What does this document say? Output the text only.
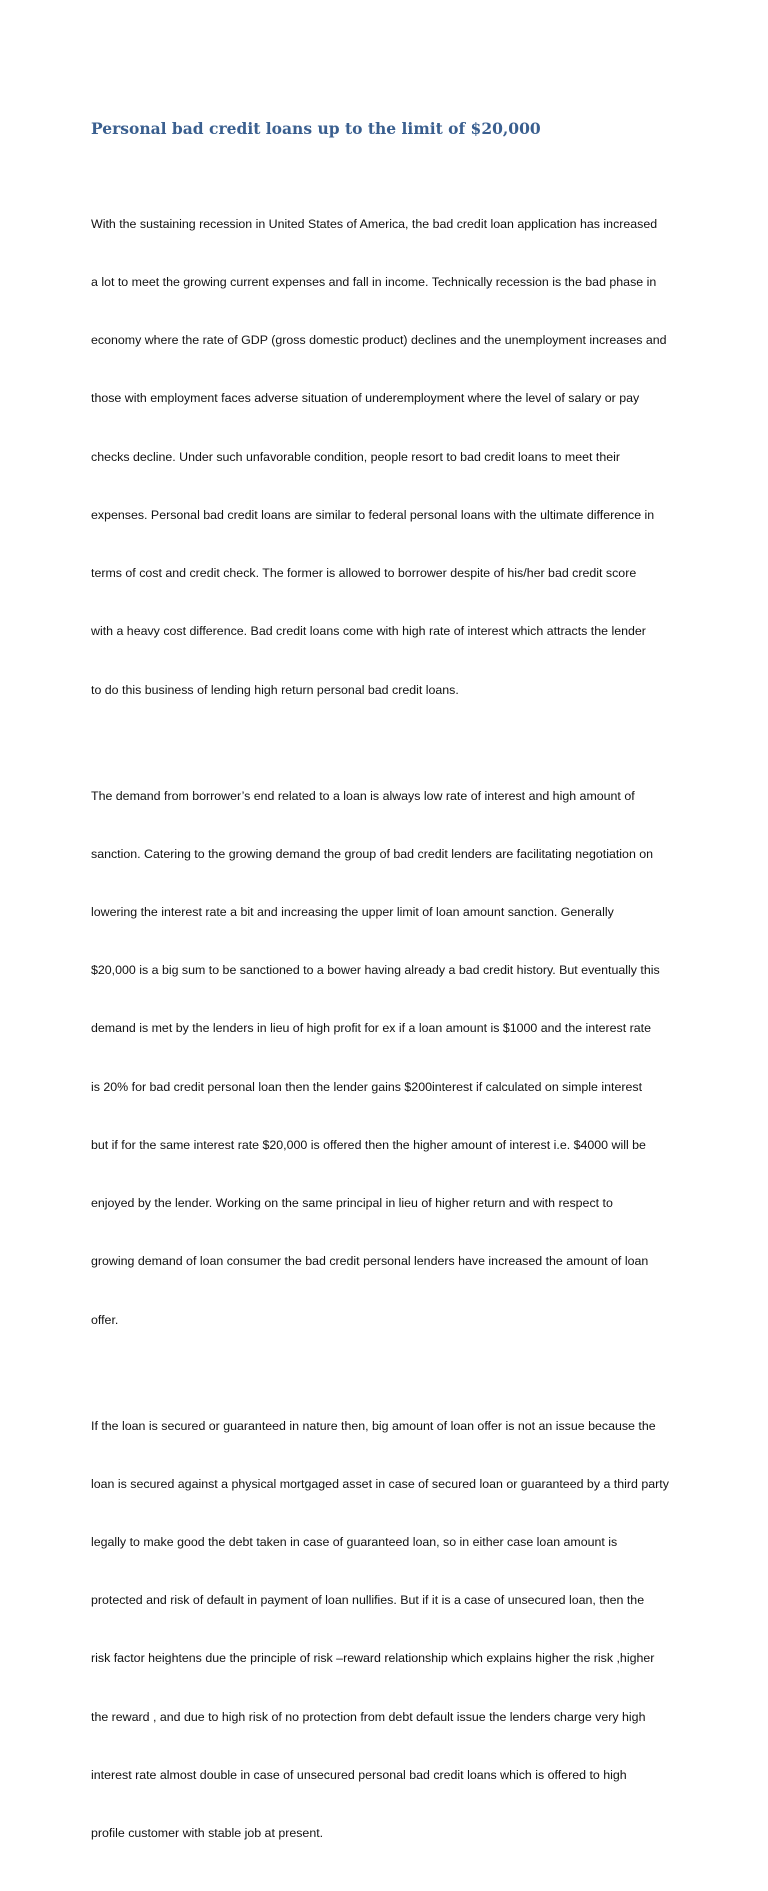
Personal bad credit loans up to the limit of $20,000

With the sustaining recession in United States of America, the bad credit loan application has increased

a lot to meet the growing current expenses and fall in income. Technically recession is the bad phase in

economy where the rate of GDP (gross domestic product) declines and the unemployment increases and

those with employment faces adverse situation of underemployment where the level of salary or pay

checks decline. Under such unfavorable condition, people resort to bad credit loans to meet their

expenses. Personal bad credit loans are similar to federal personal loans with the ultimate difference in

terms of cost and credit check. The former is allowed to borrower despite of his/her bad credit score

with a heavy cost difference. Bad credit loans come with high rate of interest which attracts the lender

to do this business of lending high return personal bad credit loans.

The demand from borrower’s end related to a loan is always low rate of interest and high amount of

sanction. Catering to the growing demand the group of bad credit lenders are facilitating negotiation on

lowering the interest rate a bit and increasing the upper limit of loan amount sanction. Generally

$20,000 is a big sum to be sanctioned to a bower having already a bad credit history. But eventually this

demand is met by the lenders in lieu of high profit for ex if a loan amount is $1000 and the interest rate

is 20% for bad credit personal loan then the lender gains $200interest if calculated on simple interest

but if for the same interest rate $20,000 is offered then the higher amount of interest i.e. $4000 will be

enjoyed by the lender. Working on the same principal in lieu of higher return and with respect to

growing demand of loan consumer the bad credit personal lenders have increased the amount of loan

offer.

If the loan is secured or guaranteed in nature then, big amount of loan offer is not an issue because the

loan is secured against a physical mortgaged asset in case of secured loan or guaranteed by a third party

legally to make good the debt taken in case of guaranteed loan, so in either case loan amount is

protected and risk of default in payment of loan nullifies. But if it is a case of unsecured loan, then the

risk factor heightens due the principle of risk –reward relationship which explains higher the risk ,higher

the reward , and due to high risk of no protection from debt default issue the lenders charge very high

interest rate almost double in case of unsecured personal bad credit loans which is offered to high

profile customer with stable job at present.
